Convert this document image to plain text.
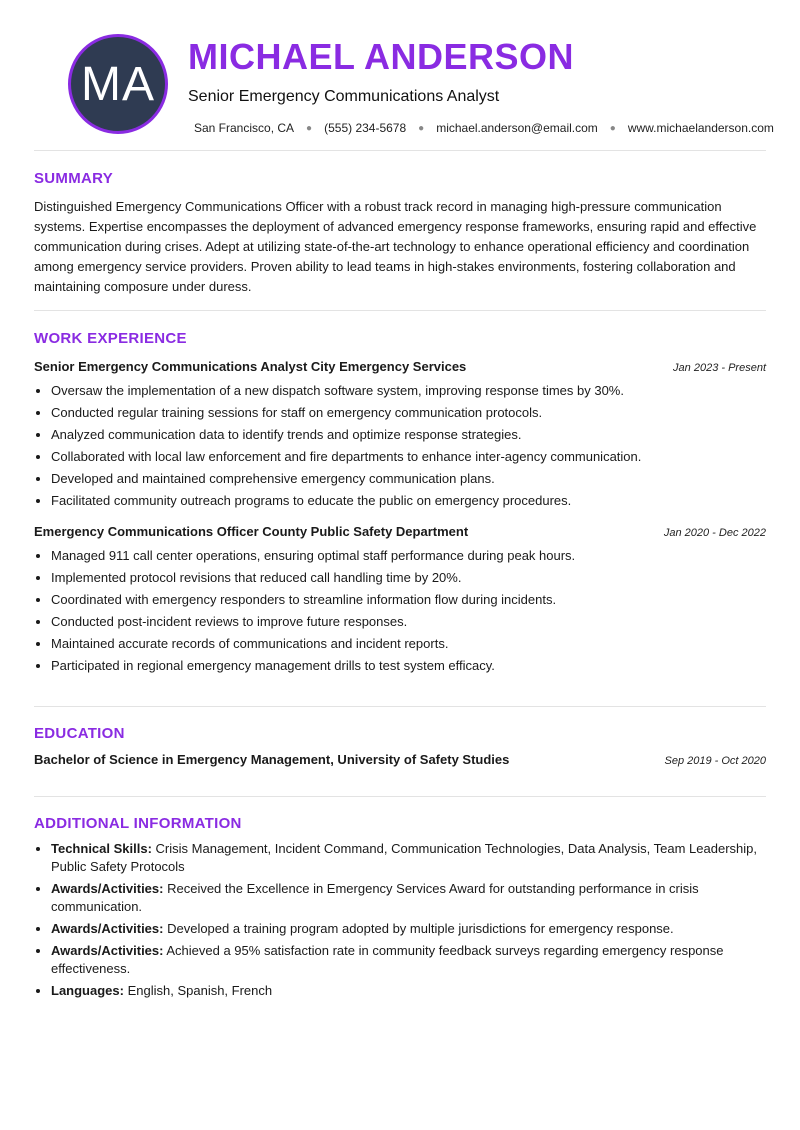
MA
MICHAEL ANDERSON
Senior Emergency Communications Analyst
San Francisco, CA ● (555) 234-5678 ● michael.anderson@email.com ● www.michaelanderson.com
SUMMARY

Distinguished Emergency Communications Officer with a robust track record in managing high-pressure communication systems. Expertise encompasses the deployment of advanced emergency response frameworks, ensuring rapid and effective communication during crises. Adept at utilizing state-of-the-art technology to enhance operational efficiency and coordination among emergency service providers. Proven ability to lead teams in high-stakes environments, fostering collaboration and maintaining composure under duress.

WORK EXPERIENCE
Senior Emergency Communications Analyst City Emergency Services	Jan 2023 - Present
• Oversaw the implementation of a new dispatch software system, improving response times by 30%.
• Conducted regular training sessions for staff on emergency communication protocols.
• Analyzed communication data to identify trends and optimize response strategies.
• Collaborated with local law enforcement and fire departments to enhance inter-agency communication.
• Developed and maintained comprehensive emergency communication plans.
• Facilitated community outreach programs to educate the public on emergency procedures.
Emergency Communications Officer County Public Safety Department	Jan 2020 - Dec 2022
• Managed 911 call center operations, ensuring optimal staff performance during peak hours.
• Implemented protocol revisions that reduced call handling time by 20%.
• Coordinated with emergency responders to streamline information flow during incidents.
• Conducted post-incident reviews to improve future responses.
• Maintained accurate records of communications and incident reports.
• Participated in regional emergency management drills to test system efficacy.
EDUCATION
Bachelor of Science in Emergency Management, University of Safety Studies	Sep 2019 - Oct 2020
ADDITIONAL INFORMATION
• Technical Skills: Crisis Management, Incident Command, Communication Technologies, Data Analysis, Team Leadership, Public Safety Protocols
• Awards/Activities: Received the Excellence in Emergency Services Award for outstanding performance in crisis communication.
• Awards/Activities: Developed a training program adopted by multiple jurisdictions for emergency response.
• Awards/Activities: Achieved a 95% satisfaction rate in community feedback surveys regarding emergency response effectiveness.
• Languages: English, Spanish, French
